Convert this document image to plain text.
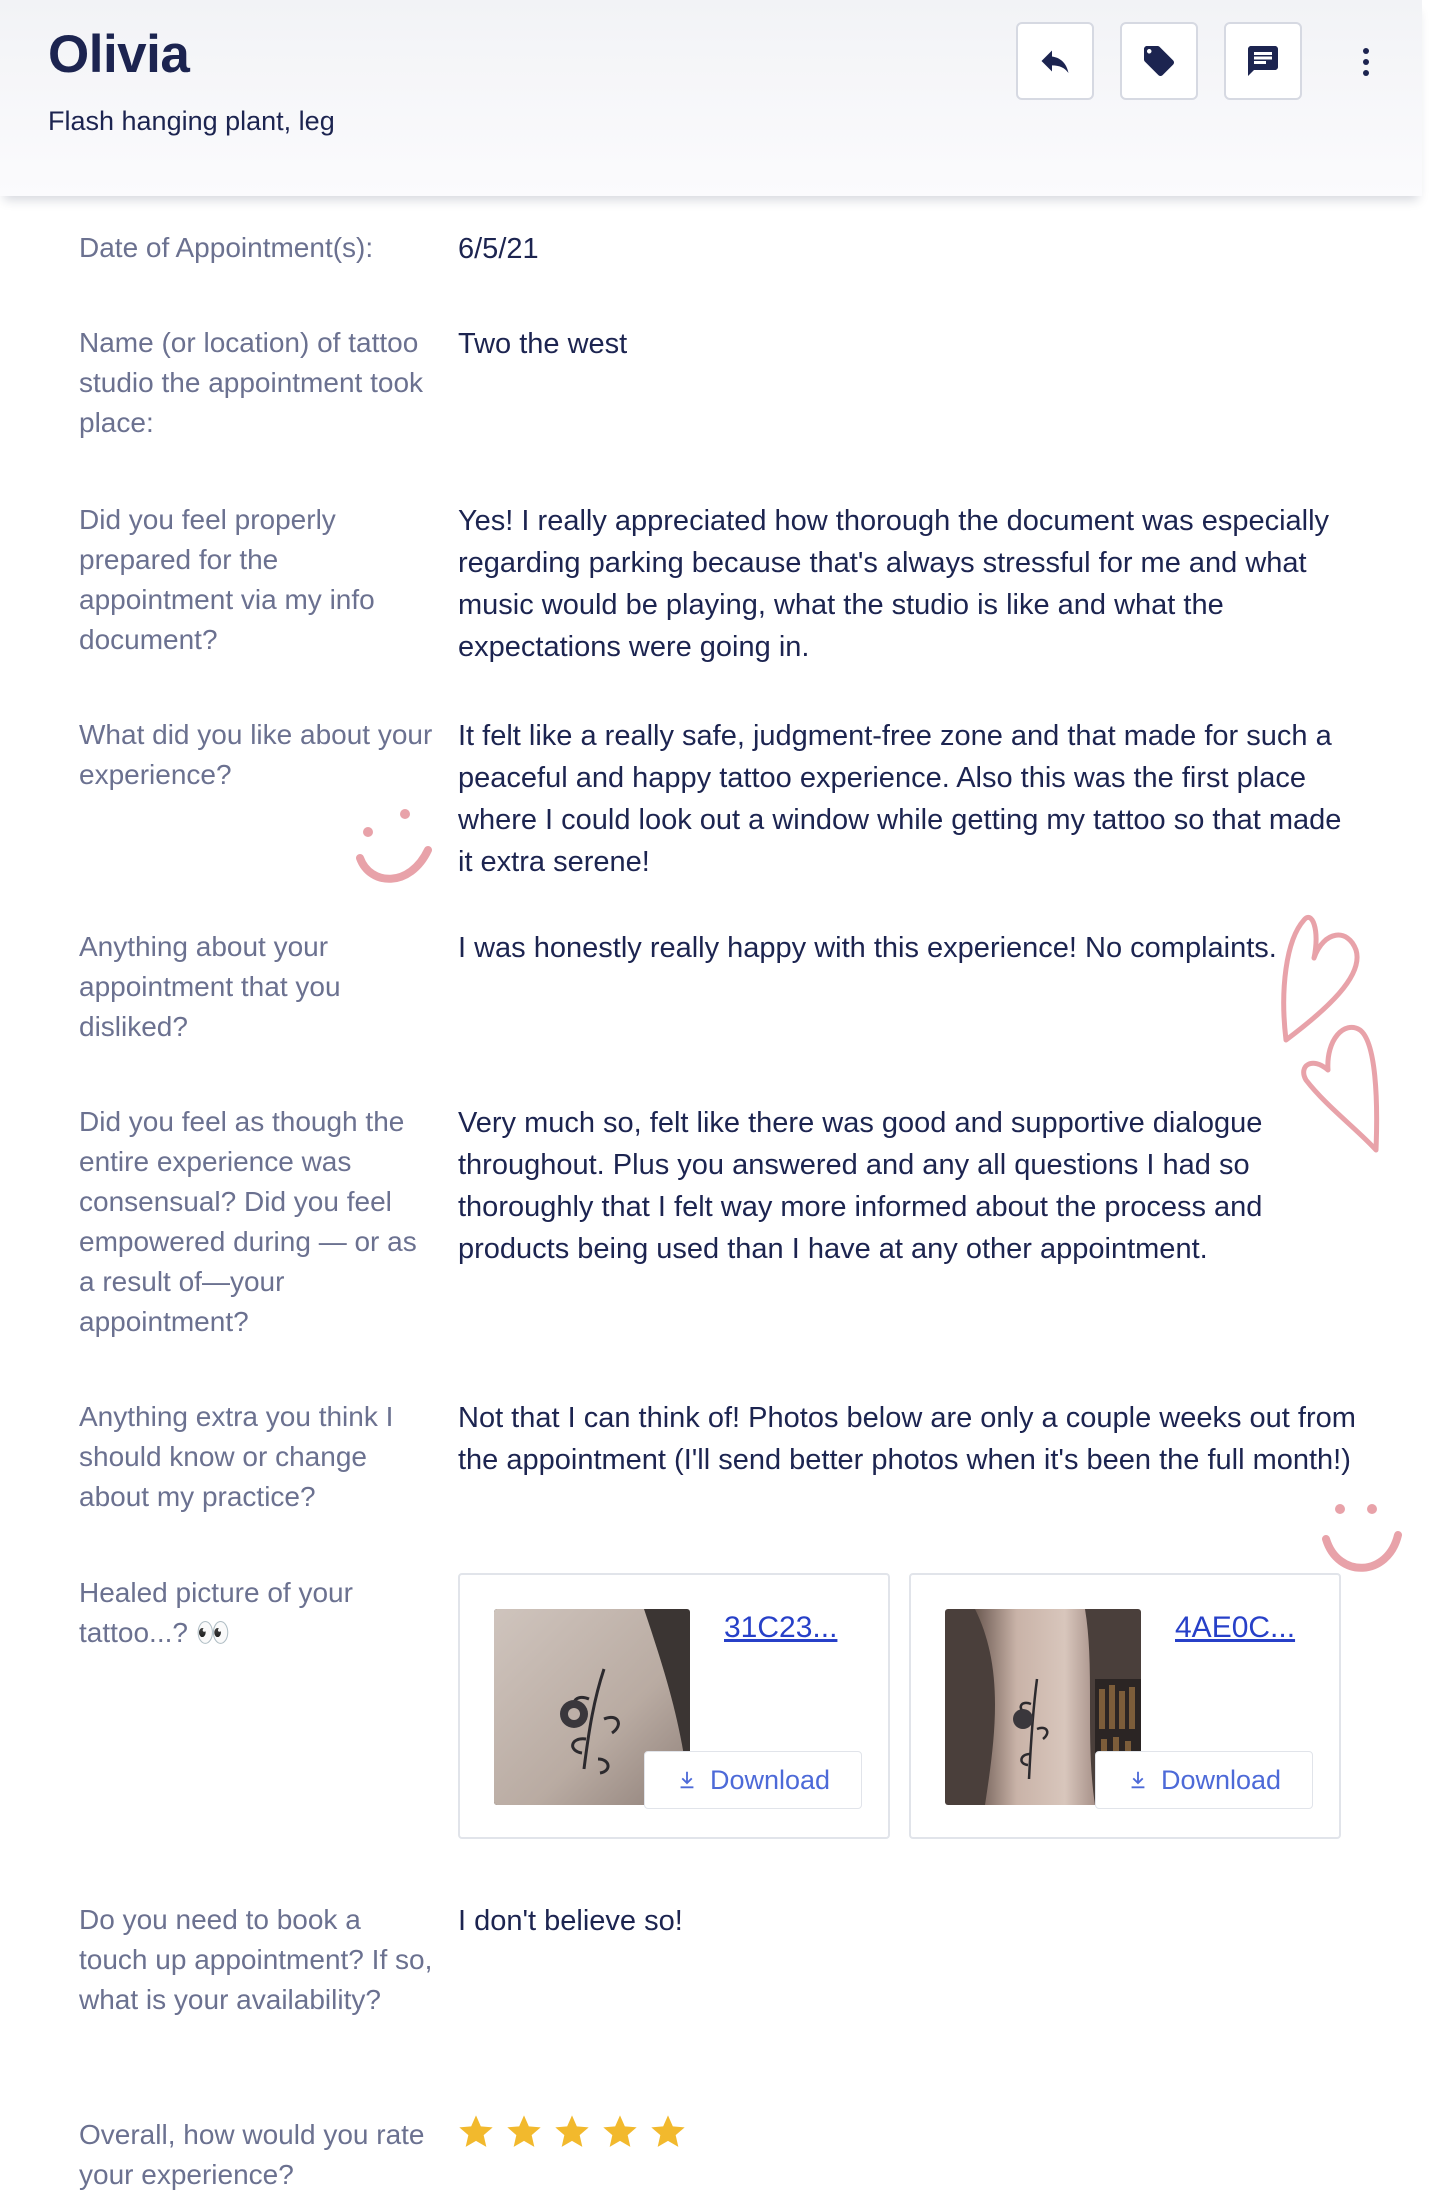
Olivia
Flash hanging plant, leg
Date of Appointment(s):	6/5/21
Name (or location) of tattoo studio the appointment took place:
Two the west
Did you feel properly prepared for the appointment via my info document?
Yes! I really appreciated how thorough the document was especially regarding parking because that's always stressful for me and what music would be playing, what the studio is like and what the expectations were going in.
What did you like about your experience?
It felt like a really safe, judgment-free zone and that made for such a peaceful and happy tattoo experience. Also this was the first place where I could look out a window while getting my tattoo so that made it extra serene!
Anything about your appointment that you disliked?
I was honestly really happy with this experience! No complaints.
Did you feel as though the entire experience was consensual? Did you feel empowered during — or as a result of—your appointment?
Very much so, felt like there was good and supportive dialogue throughout. Plus you answered and any all questions I had so thoroughly that I felt way more informed about the process and products being used than I have at any other appointment.
Anything extra you think I should know or change about my practice?
Not that I can think of! Photos below are only a couple weeks out from the appointment (I'll send better photos when it's been the full month!)
Healed picture of your tattoo...? 👀	31C23...
Download
4AE0C...
Download
Do you need to book a touch up appointment? If so, what is your availability?
I don't believe so!
Overall, how would you rate your experience?
